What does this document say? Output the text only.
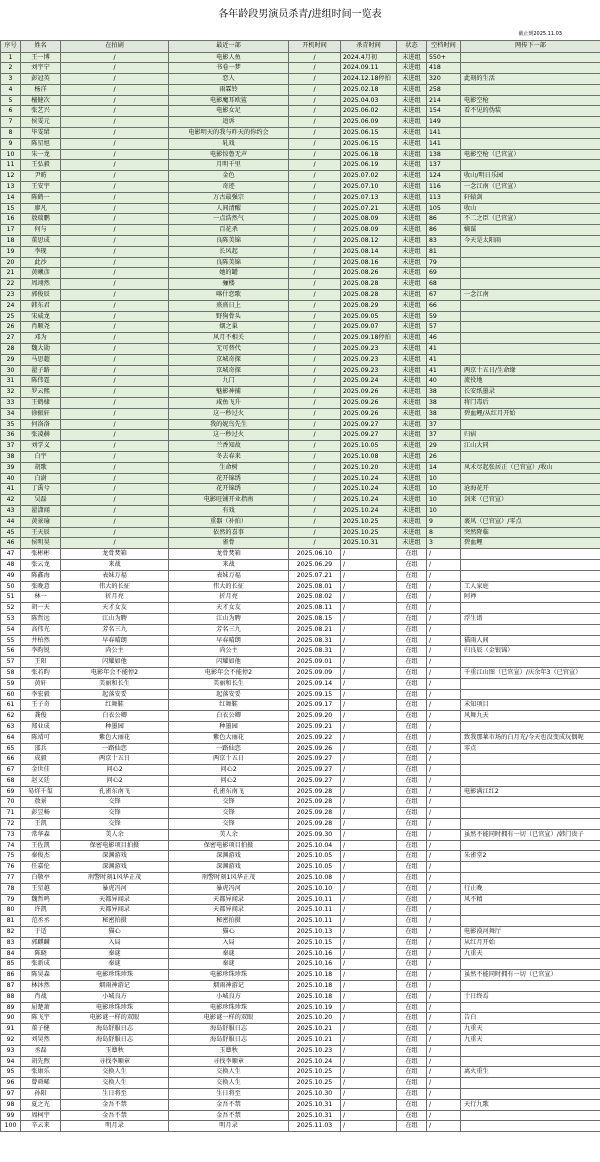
各年龄段男演员杀青/进组时间一览表
截止到2025.11.03
序号	姓名	在拍剧	最近一部	开机时间	杀青时间	状态	空档时间	网传下一部
1	王一博	/	电影人鱼	/	2024.4月初	未进组	550+	
2	刘宇宁	/	书卷一梦	/	2024.09.11	未进组	418	
3	彭冠英	/	恋人	/	2024.12.18停拍	未进组	320	此刻的生活
4	杨洋	/	雨霖铃	/	2025.02.18	未进组	258	
5	檀健次	/	电影魔耳欧鲨	/	2025.04.03	未进组	214	电影空枪
6	张艺兴	/	电影女足	/	2025.06.02	未进组	154	看不见的伪装
7	侯雯元	/	追诉	/	2025.06.09	未进组	149	
8	毕雯珺	/	电影明天的我与昨天的你约会	/	2025.06.15	未进组	141	
9	陈星旭	/	轧戏	/	2025.06.15	未进组	141	
10	朱一龙	/	电影惊鲁无声	/	2025.06.18	未进组	138	电影空枪（已官宣）
11	王弘毅	/	月明千里	/	2025.06.19	未进组	137	
12	尹昉	/	金色	/	2025.07.02	未进组	124	收山/明日乐园
13	王安宇	/	奇迹	/	2025.07.10	未进组	116	一念江南（已官宣）
14	陈鹤一	/	万古最强宗	/	2025.07.13	未进组	113	轩辕剑
15	廖凡	/	人间清醒	/	2025.07.21	未进组	105	收山
16	敖瑞鹏	/	一点浩然气	/	2025.08.09	未进组	86	不二之臣（已官宣）
17	何与	/	百花杀	/	2025.08.09	未进组	86	嫡谋
18	董思成	/	良陈美锦	/	2025.08.12	未进组	83	今天是太阳雨
19	李现	/	长风起	/	2025.08.14	未进组	81	
20	此沙	/	良陈美锦	/	2025.08.16	未进组	79	
21	黄曦彦	/	她的罐	/	2025.08.26	未进组	69	
22	周翊然	/	骊楼	/	2025.08.28	未进组	68	
23	郭俊辰	/	喀什恋歌	/	2025.08.28	未进组	67	一念江南
24	韩东君	/	熹熹日上	/	2025.08.29	未进组	66	
25	宋威龙	/	野狗骨头	/	2025.09.05	未进组	59	
26	肖顺尧	/	烟之巢	/	2025.09.07	未进组	57	
27	邓为	/	风月不相关	/	2025.09.18停拍	未进组	46	
28	魏大勋	/	无可替代	/	2025.09.23	未进组	41	
29	马思超	/	京城奇探	/	2025.09.23	未进组	41	
30	翟子路	/	京城奇探	/	2025.09.23	未进组	41	两京十五日/生命缘
31	陈伟霆	/	九门	/	2025.09.24	未进组	40	流役地
32	罗云熙	/	魅影神捕	/	2025.09.26	未进组	38	长安纸墨录
33	王鹤棣	/	咸鱼飞升	/	2025.09.26	未进组	38	将门毒后
34	徐振轩	/	这一秒过火	/	2025.09.26	未进组	38	碧血鲤/从红月开始
35	何洛洛	/	我的妮鸟先生	/	2025.09.27	未进组	37	
36	张凌赫	/	这一秒过火	/	2025.09.27	未进组	37	归宿
37	刘学义	/	兰香知故	/	2025.10.05	未进组	29	江山大同
38	白宇	/	冬去春来	/	2025.10.08	未进组	26	
39	胡歌	/	生命树	/	2025.10.20	未进组	14	风禾尽起张居正（已官宣）/收山
40	白澍	/	花开锦绣	/	2025.10.24	未进组	10	
41	丁禹兮	/	花开锦绣	/	2025.10.24	未进组	10	沧海花开
42	吴磊	/	电影旺铺开业指南	/	2025.10.24	未进组	10	剑来（已官宣）
43	翟潇闻	/	有戏	/	2025.10.24	未进组	10	
44	黄景瑜	/	重器（补拍）	/	2025.10.25	未进组	9	裹风（已官宣）/零点
45	王天辰	/	依然的喜事	/	2025.10.25	未进组	8	突然降临
46	侯明昊	/	雀骨	/	2025.10.31	未进组	3	碧血鲤
47	张彬彬	龙骨焚箱	龙骨焚箱	2025.06.10	/	在组	/	
48	张云龙	来战	来战	2025.06.29	/	在组	/	
49	陈鑫海	表妹万福	表妹万福	2025.07.21	/	在组	/	
50	张晚意	伟大的长征	伟大的长征	2025.08.01	/	在组	/	工人家庭
51	林一	折月亮	折月亮	2025.08.02	/	在组	/	阿禅
52	胡一天	天才女友	天才女友	2025.08.11	/	在组	/	
53	陈哲远	江山为聘	江山为聘	2025.08.15	/	在组	/	浮生谱
54	高伟光	芳名三九	芳名三九	2025.08.21	/	在组	/	
55	井柏然	早春晴朗	早春晴朗	2025.08.31	/	在组	/	猫雨人间
56	李昀锐	尚公主	尚公主	2025.08.31	/	在组	/	归良辰（金银锦）
57	王阳	闪耀如他	闪耀如他	2025.09.01	/	在组	/	
58	张若昀	电影年会不能停2	电影年会不能停2	2025.09.09	/	在组	/	千重江山图（已官宣）/庆余年3（已官宣）
59	黄轩	美丽和长生	美丽和长生	2025.09.14	/	在组	/	
60	李宏毅	起落安妥	起落安妥	2025.09.15	/	在组	/	
61	王子奇	红舞鞋	红舞鞋	2025.09.17	/	在组	/	未知项目
62	龚俊	白衣公卿	白衣公卿	2025.09.20	/	在组	/	风舞九天
63	郑业成	种墨园	种墨园	2025.09.21	/	在组	/	
64	陈靖可	紫色大丽花	紫色大丽花	2025.09.22	/	在组	/	致我那莱市场的白月光/今天也没变成玩偶呢
65	邵兵	一路仙恋	一路仙恋	2025.09.26	/	在组	/	零点
66	成毅	两京十五日	两京十五日	2025.09.27	/	在组	/	
67	金世佳	问心2	问心2	2025.09.27	/	在组	/	
68	赵又廷	问心2	问心2	2025.09.27	/	在组	/	
69	易烊千玺	孔雀东南飞	孔雀东南飞	2025.09.28	/	在组	/	电影满江红2
70	敖景	交锋	交锋	2025.09.28	/	在组	/	
71	彭昱畅	交锋	交锋	2025.09.28	/	在组	/	
72	王凯	交锋	交锋	2025.09.28	/	在组	/	
73	常华森	美人余	美人余	2025.09.30	/	在组	/	虽然不能同时拥有一切（已官宣）/韩门贵子
74	王佐凯	保密电影项目拍摄	保密电影项目拍摄	2025.10.04	/	在组	/	
75	秦俊杰	深渊游戏	深渊游戏	2025.10.05	/	在组	/	朱雀堂2
76	任嘉伦	深渊游戏	深渊游戏	2025.10.05	/	在组	/	
77	白敬亭	刑警时刻1风华正茂	刑警时刻1风华正茂	2025.10.08	/	在组	/	
78	王星越	暴虎冯河	暴虎冯河	2025.10.10	/	在组	/	行止晚
79	魏哲鸣	天都异闻录	天都异闻录	2025.10.11	/	在组	/	风不精
80	许凯	天都异闻录	天都异闻录	2025.10.11	/	在组	/	
81	范丞丞	秘密拍摄	秘密拍摄	2025.10.11	/	在组	/	
82	于适	猫心	猫心	2025.10.13	/	在组	/	电影漠河舞厅
83	郭麒麟	入局	入局	2025.10.15	/	在组	/	从红月开始
84	陈晓	秦谜	秦谜	2025.10.16	/	在组	/	九重天
85	张新成	秦谜	秦谜	2025.10.16	/	在组	/	
86	陈昊森	电影珍珠珍珠	电影珍珠珍珠	2025.10.18	/	在组	/	虽然不能同时拥有一切（已官宣）
87	林沐然	烟雨神游记	烟雨神游记	2025.10.18	/	在组	/	
88	肖战	小城良方	小城良方	2025.10.18	/	在组	/	十日终焉
89	屈楚萧	电影珍珠珍珠	电影珍珠珍珠	2025.10.19	/	在组	/	
90	陈飞宇	电影谜一样的双眼	电影谜一样的双眼	2025.10.20	/	在组	/	告白
91	董子健	海岛舒服日志	海岛舒服日志	2025.10.21	/	在组	/	九重天
92	刘昊然	海岛舒服日志	海岛舒服日志	2025.10.21	/	在组	/	九重天
93	丞磊	玉簟秋	玉簟秋	2025.10.23	/	在组	/	
94	胡先煦	寻找李顺章	寻找李顺章	2025.10.24	/	在组	/	
95	张康乐	交换人生	交换人生	2025.10.25	/	在组	/	离火重生
96	曾舜晞	交换人生	交换人生	2025.10.25	/	在组	/	
97	孙阳	生日将至	生日将至	2025.10.30	/	在组	/	
98	夏之光	金吾不禁	金吾不禁	2025.10.31	/	在组	/	天行九歌
99	周柯宇	金吾不禁	金吾不禁	2025.10.31	/	在组	/	
100	辛云来	明月录	明月录	2025.11.03	/	在组	/	
